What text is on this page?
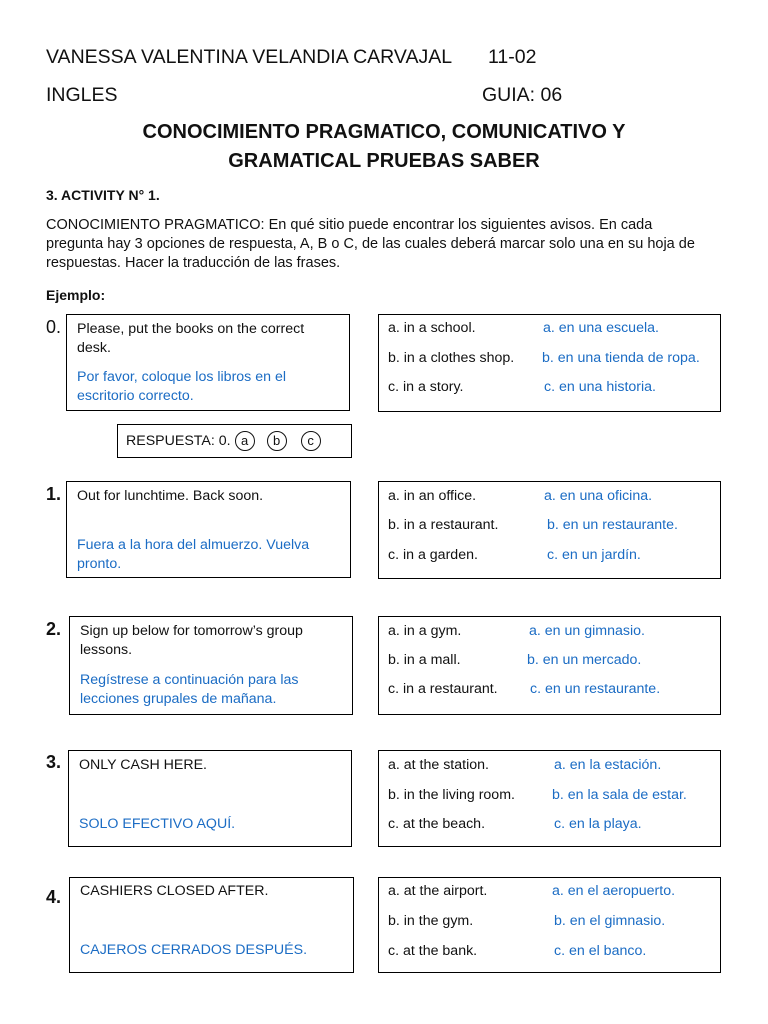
VANESSA VALENTINA VELANDIA CARVAJAL 11-02
INGLES	GUIA: 06
CONOCIMIENTO PRAGMATICO, COMUNICATIVO Y
GRAMATICAL PRUEBAS SABER
3. ACTIVITY N° 1.
CONOCIMIENTO PRAGMATICO: En qué sitio puede encontrar los siguientes avisos. En cada
pregunta hay 3 opciones de respuesta, A, B o C, de las cuales deberá marcar solo una en su hoja de
respuestas. Hacer la traducción de las frases.
Ejemplo:
0. Please, put the books on the correct
desk.
Por favor, coloque los libros en el
escritorio correcto.
a. in a school.	a. en una escuela.
b. in a clothes shop. b. en una tienda de ropa.
c. in a story.	c. en una historia.
RESPUESTA: 0. a b c
1. Out for lunchtime. Back soon.
Fuera a la hora del almuerzo. Vuelva
pronto.
a. in an office.	a. en una oficina.
b. in a restaurant.	b. en un restaurante.
c. in a garden.	c. en un jardín.
2. Sign up below for tomorrow’s group
lessons.
Regístrese a continuación para las
lecciones grupales de mañana.
a. in a gym.	a. en un gimnasio.
b. in a mall.	b. en un mercado.
c. in a restaurant. c. en un restaurante.
3. ONLY CASH HERE.
SOLO EFECTIVO AQUÍ.
a. at the station.	a. en la estación.
b. in the living room.	b. en la sala de estar.
c. at the beach.	c. en la playa.
4. CASHIERS CLOSED AFTER.
CAJEROS CERRADOS DESPUÉS.
a. at the airport.	a. en el aeropuerto.
b. in the gym.	b. en el gimnasio.
c. at the bank.	c. en el banco.
